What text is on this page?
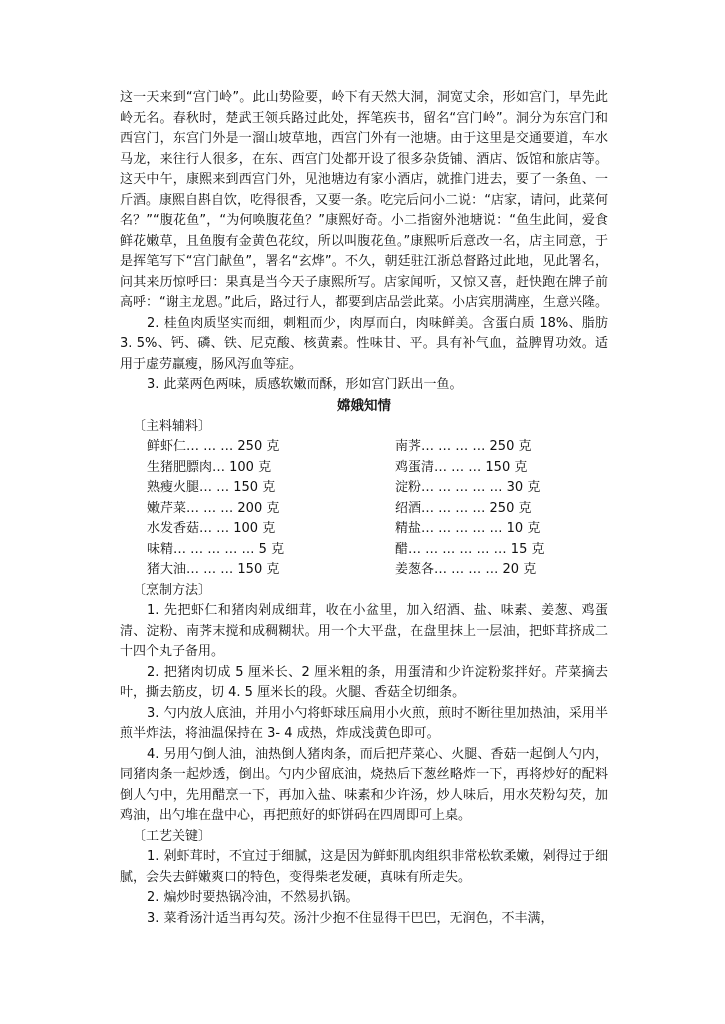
这一天来到“宫门岭”。此山势险要，岭下有天然大洞，洞宽丈余，形如宫门，早先此岭无名。春秋时，楚武王领兵路过此处，挥笔疾书，留名“宫门岭”。洞分为东宫门和西宫门，东宫门外是一溜山坡草地，西宫门外有一池塘。由于这里是交通要道，车水马龙，来往行人很多，在东、西宫门处都开设了很多杂货铺、酒店、饭馆和旅店等。这天中午，康熙来到西宫门外，见池塘边有家小酒店，就推门进去，要了一条鱼、一斤酒。康熙自斟自饮，吃得很香，又要一条。吃完后问小二说：“店家，请问，此菜何名？”“腹花鱼”，“为何唤腹花鱼？”康熙好奇。小二指窗外池塘说：“鱼生此间，爱食鲜花嫩草，且鱼腹有金黄色花纹，所以叫腹花鱼。”康熙听后意改一名，店主同意，于是挥笔写下“宫门献鱼”，署名“玄烨”。不久，朝廷驻江浙总督路过此地，见此署名，问其来历惊呼曰：果真是当今天子康熙所写。店家闻听，又惊又喜，赶快跑在牌子前高呼：“谢主龙恩。”此后，路过行人，都要到店品尝此菜。小店宾朋满座，生意兴隆。

2. 桂鱼肉质坚实而细，刺粗而少，肉厚而白，肉味鲜美。含蛋白质 18%、脂肪 3. 5%、钙、磷、铁、尼克酸、核黄素。性味甘、平。具有补气血，益脾胃功效。适用于虚劳羸瘦，肠风泻血等症。

3. 此菜两色两味，质感软嫩而酥，形如宫门跃出一鱼。

嫦娥知情

〔主料辅料〕

鲜虾仁… … … 250 克	南荠… … … … 250 克
生猪肥膘肉… 100 克	鸡蛋清… … … 150 克
熟瘦火腿… … 150 克	淀粉… … … … … 30 克
嫩芹菜… … … 200 克	绍酒… … … … 250 克
水发香菇… … 100 克	精盐… … … … … 10 克
味精… … … … … 5 克	醋… … … … … … 15 克
猪大油… … … 150 克	姜葱各… … … … 20 克

〔烹制方法〕

1. 先把虾仁和猪肉剁成细茸，收在小盆里，加入绍酒、盐、味素、姜葱、鸡蛋清、淀粉、南荠末搅和成稠糊状。用一个大平盘，在盘里抹上一层油，把虾茸挤成二十四个丸子备用。

2. 把猪肉切成 5 厘米长、2 厘米粗的条，用蛋清和少许淀粉浆拌好。芹菜摘去叶，撕去筋皮，切 4. 5 厘米长的段。火腿、香菇全切细条。

3. 勺内放人底油，并用小勺将虾球压扁用小火煎，煎时不断往里加热油，采用半煎半炸法，将油温保持在 3- 4 成热，炸成浅黄色即可。

4. 另用勺倒人油，油热倒人猪肉条，而后把芹菜心、火腿、香菇一起倒人勺内，同猪肉条一起炒透，倒出。勺内少留底油，烧热后下葱丝略炸一下，再将炒好的配料倒人勺中，先用醋烹一下，再加入盐、味素和少许汤，炒人味后，用水芡粉勾芡，加鸡油，出勺堆在盘中心，再把煎好的虾饼码在四周即可上桌。

〔工艺关键〕

1. 剁虾茸时，不宜过于细腻，这是因为鲜虾肌肉组织非常松软柔嫩，剁得过于细腻，会失去鲜嫩爽口的特色，变得柴老发硬，真味有所走失。

2. 煸炒时要热锅冷油，不然易扒锅。

3. 菜肴汤汁适当再勾芡。汤汁少抱不住显得干巴巴，无润色，不丰满，
